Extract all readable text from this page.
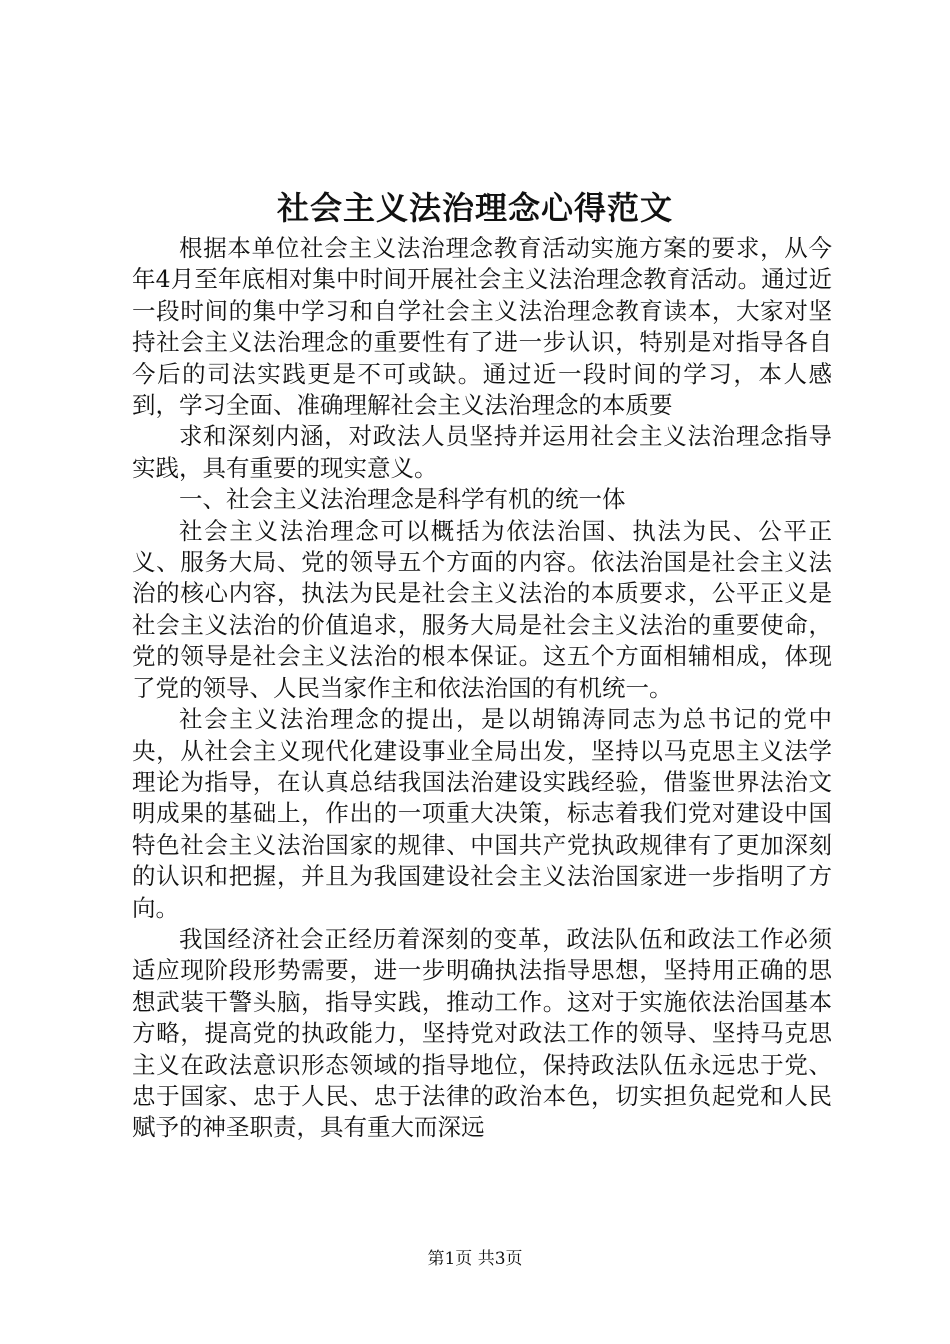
社会主义法治理念心得范文

根据本单位社会主义法治理念教育活动实施方案的要求，从今年4月至年底相对集中时间开展社会主义法治理念教育活动。通过近一段时间的集中学习和自学社会主义法治理念教育读本，大家对坚持社会主义法治理念的重要性有了进一步认识，特别是对指导各自今后的司法实践更是不可或缺。通过近一段时间的学习，本人感到，学习全面、准确理解社会主义法治理念的本质要

求和深刻内涵，对政法人员坚持并运用社会主义法治理念指导实践，具有重要的现实意义。

一、社会主义法治理念是科学有机的统一体

社会主义法治理念可以概括为依法治国、执法为民、公平正义、服务大局、党的领导五个方面的内容。依法治国是社会主义法治的核心内容，执法为民是社会主义法治的本质要求，公平正义是社会主义法治的价值追求，服务大局是社会主义法治的重要使命，党的领导是社会主义法治的根本保证。这五个方面相辅相成，体现了党的领导、人民当家作主和依法治国的有机统一。

社会主义法治理念的提出，是以胡锦涛同志为总书记的党中央，从社会主义现代化建设事业全局出发，坚持以马克思主义法学理论为指导，在认真总结我国法治建设实践经验，借鉴世界法治文明成果的基础上，作出的一项重大决策，标志着我们党对建设中国特色社会主义法治国家的规律、中国共产党执政规律有了更加深刻的认识和把握，并且为我国建设社会主义法治国家进一步指明了方向。

我国经济社会正经历着深刻的变革，政法队伍和政法工作必须适应现阶段形势需要，进一步明确执法指导思想，坚持用正确的思想武装干警头脑，指导实践，推动工作。这对于实施依法治国基本方略，提高党的执政能力，坚持党对政法工作的领导、坚持马克思主义在政法意识形态领域的指导地位，保持政法队伍永远忠于党、忠于国家、忠于人民、忠于法律的政治本色，切实担负起党和人民赋予的神圣职责，具有重大而深远

第1页 共3页
